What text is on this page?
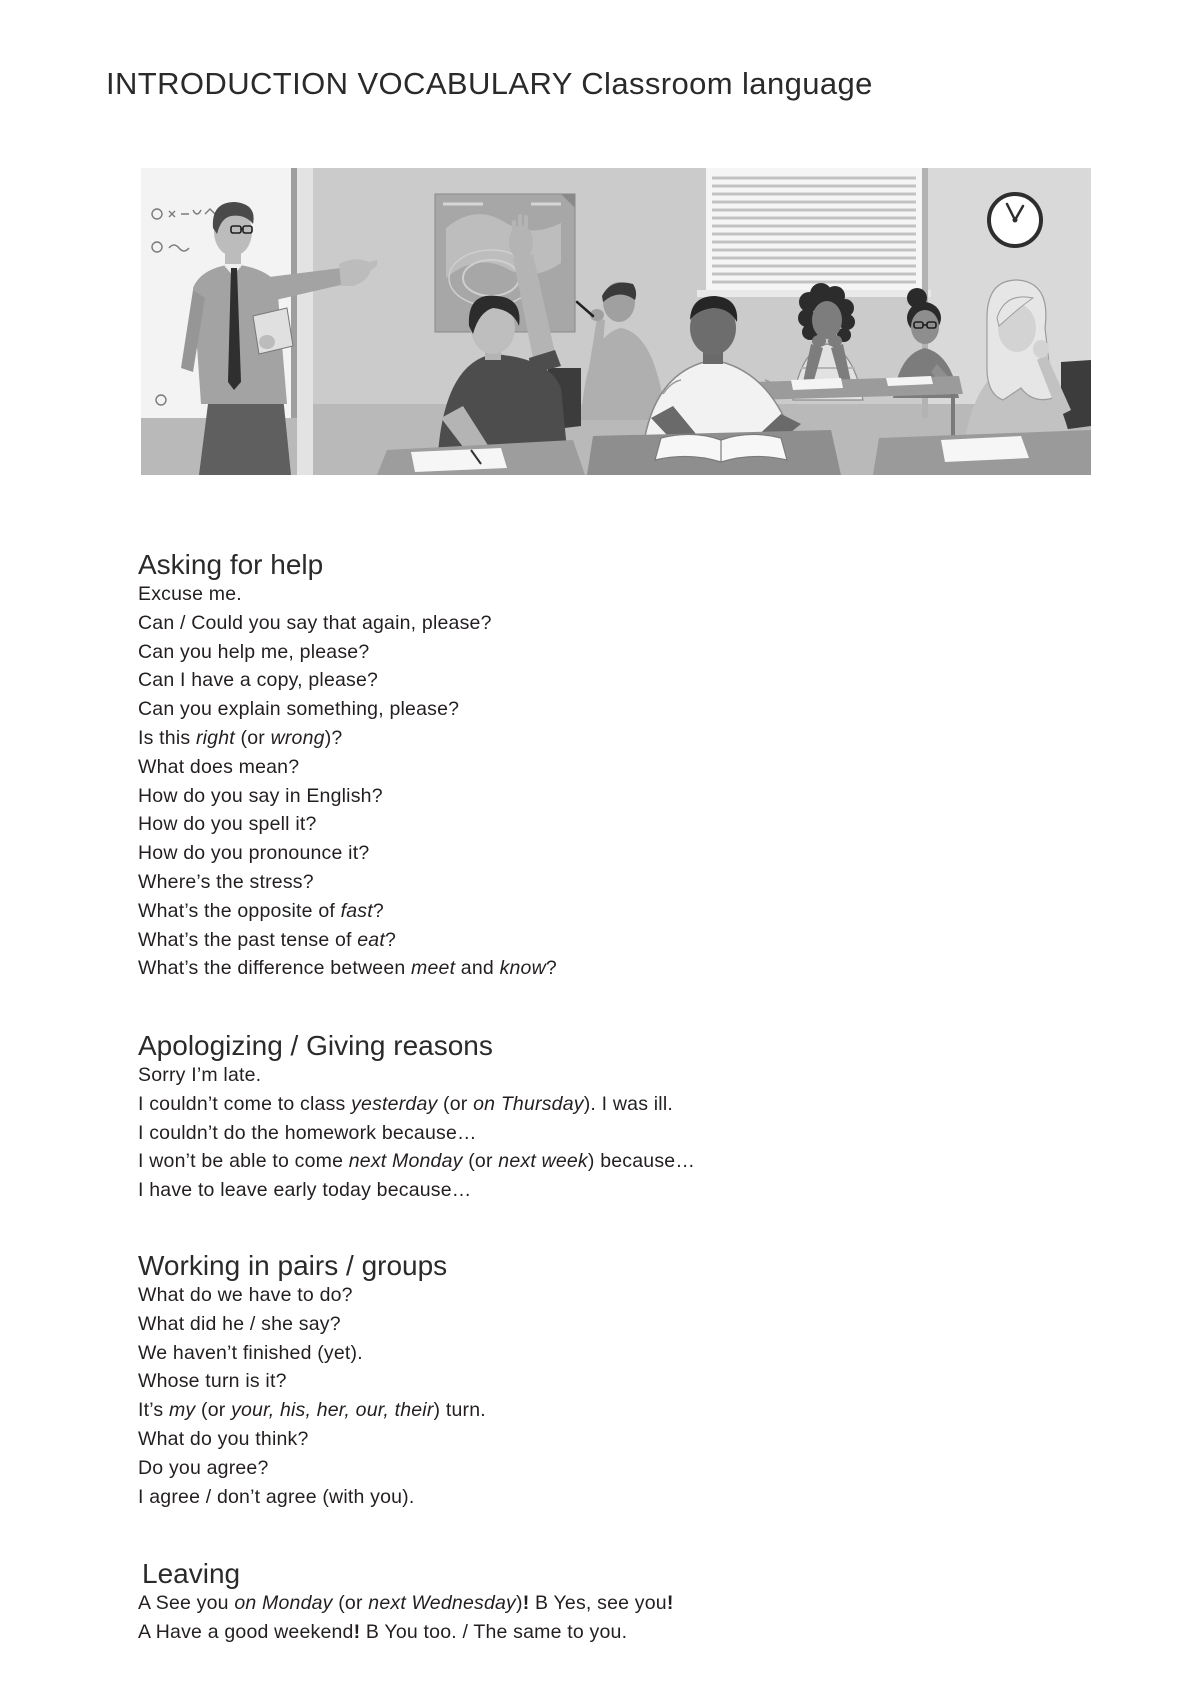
INTRODUCTION VOCABULARY Classroom language
Asking for help
Excuse me.
Can / Could you say that again, please?
Can you help me, please?
Can I have a copy, please?
Can you explain something, please?
Is this right (or wrong)?
What does mean?
How do you say in English?
How do you spell it?
How do you pronounce it?
Where’s the stress?
What’s the opposite of fast?
What’s the past tense of eat?
What’s the difference between meet and know?
Apologizing / Giving reasons
Sorry I’m late.
I couldn’t come to class yesterday (or on Thursday). I was ill.
I couldn’t do the homework because…
I won’t be able to come next Monday (or next week) because…
I have to leave early today because…
Working in pairs / groups
What do we have to do?
What did he / she say?
We haven’t finished (yet).
Whose turn is it?
It’s my (or your, his, her, our, their) turn.
What do you think?
Do you agree?
I agree / don’t agree (with you).
Leaving
A See you on Monday (or next Wednesday)! B Yes, see you!
A Have a good weekend! B You too. / The same to you.
